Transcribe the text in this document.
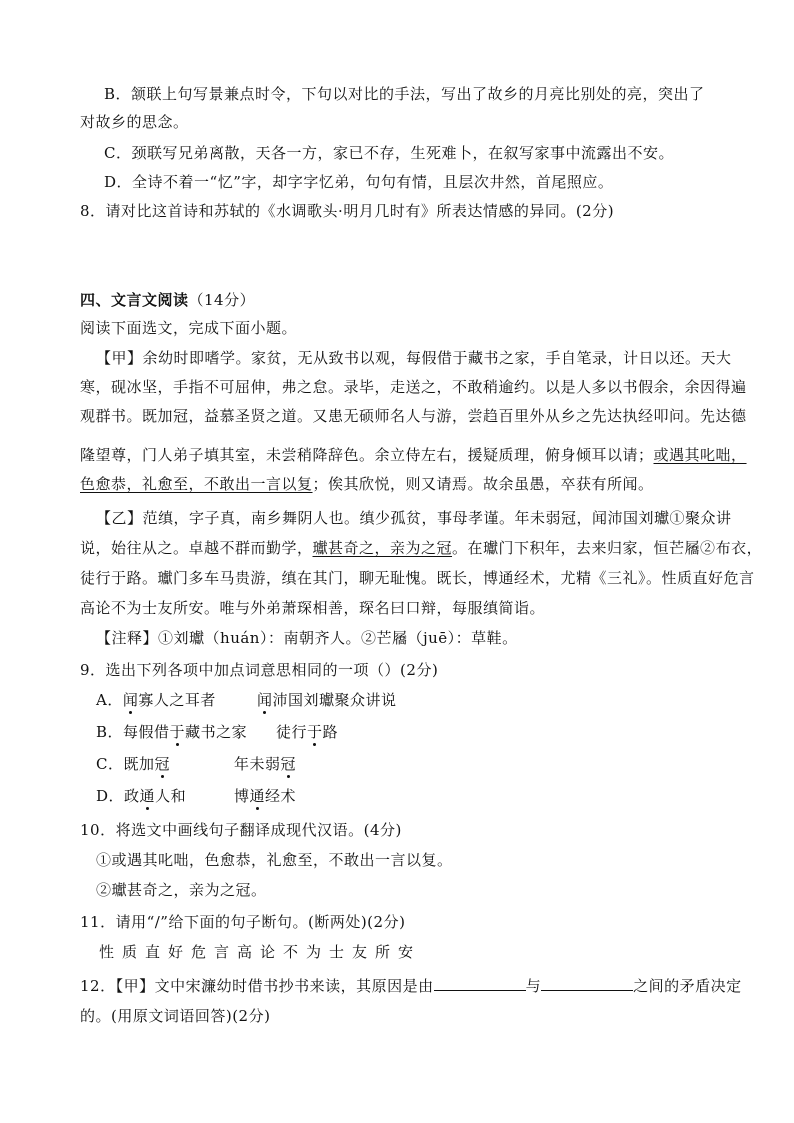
B．颔联上句写景兼点时令，下句以对比的手法，写出了故乡的月亮比别处的亮，突出了
对故乡的思念。
C．颈联写兄弟离散，天各一方，家已不存，生死难卜，在叙写家事中流露出不安。
D．全诗不着一“忆”字，却字字忆弟，句句有情，且层次井然，首尾照应。
8．请对比这首诗和苏轼的《水调歌头·明月几时有》所表达情感的异同。(2分)
四、文言文阅读（14分）
阅读下面选文，完成下面小题。
【甲】余幼时即嗜学。家贫，无从致书以观，每假借于藏书之家，手自笔录，计日以还。天大
寒，砚冰坚，手指不可屈伸，弗之怠。录毕，走送之，不敢稍逾约。以是人多以书假余，余因得遍
观群书。既加冠，益慕圣贤之道。又患无硕师名人与游，尝趋百里外从乡之先达执经叩问。先达德
隆望尊，门人弟子填其室，未尝稍降辞色。余立侍左右，援疑质理，俯身倾耳以请；或遇其叱咄，
色愈恭，礼愈至，不敢出一言以复；俟其欣悦，则又请焉。故余虽愚，卒获有所闻。
【乙】范缜，字子真，南乡舞阴人也。缜少孤贫，事母孝谨。年未弱冠，闻沛国刘瓛①聚众讲
说，始往从之。卓越不群而勤学，瓛甚奇之，亲为之冠。在瓛门下积年，去来归家，恒芒屩②布衣，
徒行于路。瓛门多车马贵游，缜在其门，聊无耻愧。既长，博通经术，尤精《三礼》。性质直好危言
高论不为士友所安。唯与外弟萧琛相善，琛名曰口辩，每服缜简诣。
【注释】①刘瓛（huán）：南朝齐人。②芒屩（juē）：草鞋。
9．选出下列各项中加点词意思相同的一项（）(2分)
A．闻寡人之耳者	闻沛国刘瓛聚众讲说
B．每假借于藏书之家 徒行于路
C．既加冠	年未弱冠
D．政通人和	博通经术
10．将选文中画线句子翻译成现代汉语。(4分)
①或遇其叱咄，色愈恭，礼愈至，不敢出一言以复。
②瓛甚奇之，亲为之冠。
11．请用“/”给下面的句子断句。(断两处)(2分)
性质直好危言高论不为士友所安
12．【甲】文中宋濂幼时借书抄书来读，其原因是由	与	之间的矛盾决定
的。(用原文词语回答)(2分)
